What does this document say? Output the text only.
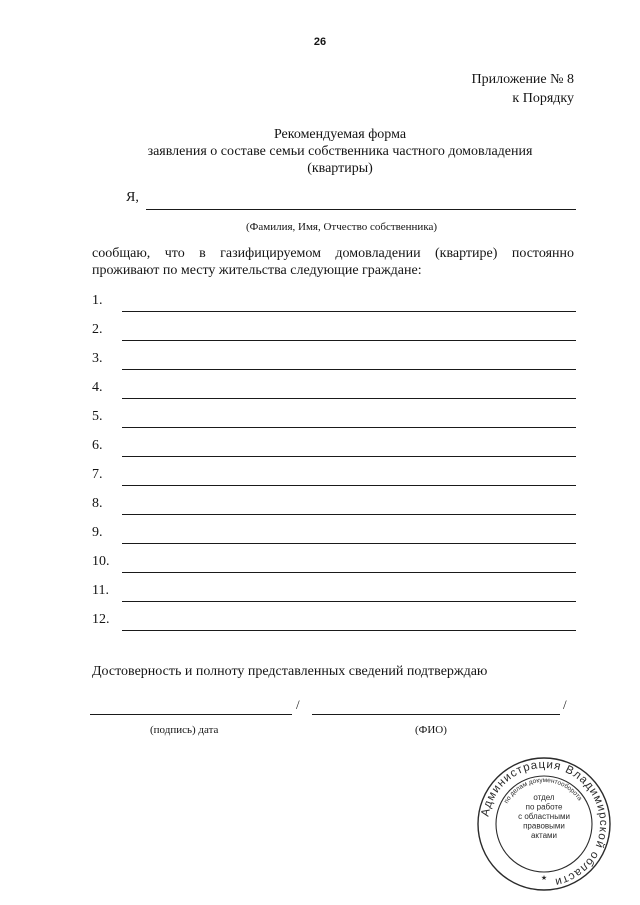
26
Приложение № 8
к Порядку
Рекомендуемая форма
заявления о составе семьи собственника частного домовладения
(квартиры)
Я,
(Фамилия, Имя, Отчество собственника)
сообщаю, что в газифицируемом домовладении (квартире) постоянно
проживают по месту жительства следующие граждане:
1.
2.
3.
4.
5.
6.
7.
8.
9.
10.
11.
12.
Достоверность и полноту представленных сведений подтверждаю
/	/
(подпись) дата	(ФИО)
Администрация Владимирской области
по делам документооборота
отдел
по работе
с областными
правовыми
актами
★
